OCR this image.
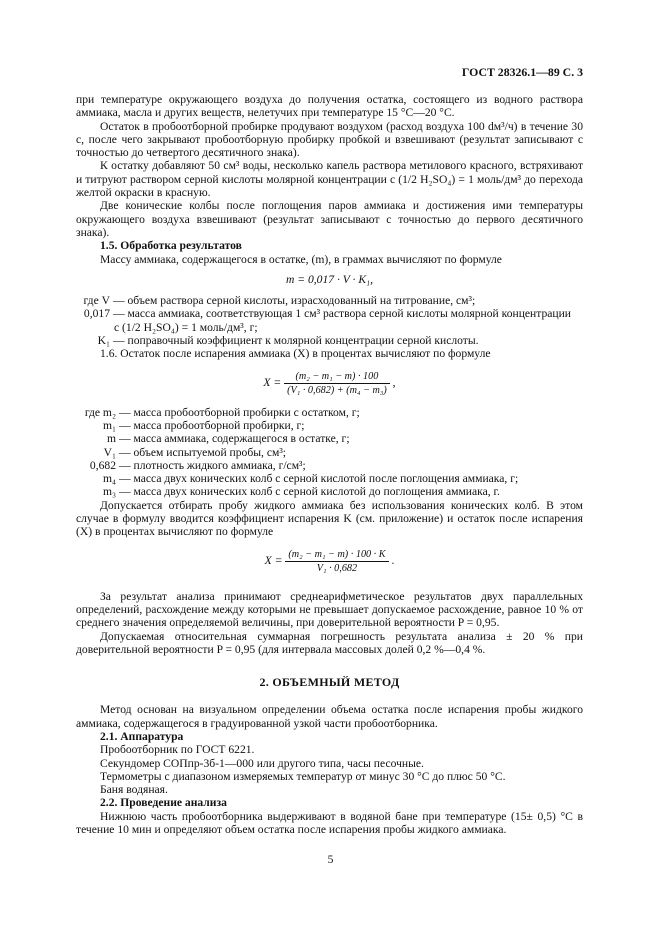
ГОСТ 28326.1—89 С. 3

при температуре окружающего воздуха до получения остатка, состоящего из водного раствора аммиака, масла и других веществ, нелетучих при температуре 15 °С—20 °С.

Остаток в пробоотборной пробирке продувают воздухом (расход воздуха 100 dм³/ч) в течение 30 с, после чего закрывают пробоотборную пробирку пробкой и взвешивают (результат записывают с точностью до четвертого десятичного знака).

К остатку добавляют 50 см³ воды, несколько капель раствора метилового красного, встряхивают и титруют раствором серной кислоты молярной концентрации c (1/2 H₂SO₄) = 1 моль/дм³ до перехода желтой окраски в красную.

Две конические колбы после поглощения паров аммиака и достижения ими температуры окружающего воздуха взвешивают (результат записывают с точностью до первого десятичного знака).

1.5. Обработка результатов

Массу аммиака, содержащегося в остатке, (m), в граммах вычисляют по формуле

m = 0,017 · V · K₁,

где V — объем раствора серной кислоты, израсходованный на титрование, см³;
0,017 — масса аммиака, соответствующая 1 см³ раствора серной кислоты молярной концентрации

c (1/2 H₂SO₄) = 1 моль/дм³, г;

K₁ — поправочный коэффициент к молярной концентрации серной кислоты.

1.6. Остаток после испарения аммиака (X) в процентах вычисляют по формуле

$X = \frac{\text{(m₂ − m₁ − m) · 100}}{\text{(V₁ · 0,682) + (m₄ − m₃)}}$ ,
где m₂ — масса пробоотборной пробирки с остатком, г;
m₁ — масса пробоотборной пробирки, г;
m — масса аммиака, содержащегося в остатке, г;
V₁ — объем испытуемой пробы, см³;
0,682 — плотность жидкого аммиака, г/см³;
m₄ — масса двух конических колб с серной кислотой после поглощения аммиака, г;
m₃ — масса двух конических колб с серной кислотой до поглощения аммиака, г.

Допускается отбирать пробу жидкого аммиака без использования конических колб. В этом случае в формулу вводится коэффициент испарения K (см. приложение) и остаток после испарения (X) в процентах вычисляют по формуле

$X = \frac{\text{(m₂ − m₁ − m) · 100 · K}}{\text{V₁ · 0,682}}$ .

За результат анализа принимают среднеарифметическое результатов двух параллельных определений, расхождение между которыми не превышает допускаемое расхождение, равное 10 % от среднего значения определяемой величины, при доверительной вероятности P = 0,95.

Допускаемая относительная суммарная погрешность результата анализа ± 20 % при доверительной вероятности P = 0,95 (для интервала массовых долей 0,2 %—0,4 %.

2. ОБЪЕМНЫЙ МЕТОД

Метод основан на визуальном определении объема остатка после испарения пробы жидкого аммиака, содержащегося в градуированной узкой части пробоотборника.

2.1. Аппаратура

Пробоотборник по ГОСТ 6221.

Секундомер СОПпр-3б-1—000 или другого типа, часы песочные.

Термометры с диапазоном измеряемых температур от минус 30 °С до плюс 50 °С.

Баня водяная.

2.2. Проведение анализа

Нижнюю часть пробоотборника выдерживают в водяной бане при температуре (15± 0,5) °С в течение 10 мин и определяют объем остатка после испарения пробы жидкого аммиака.

5
